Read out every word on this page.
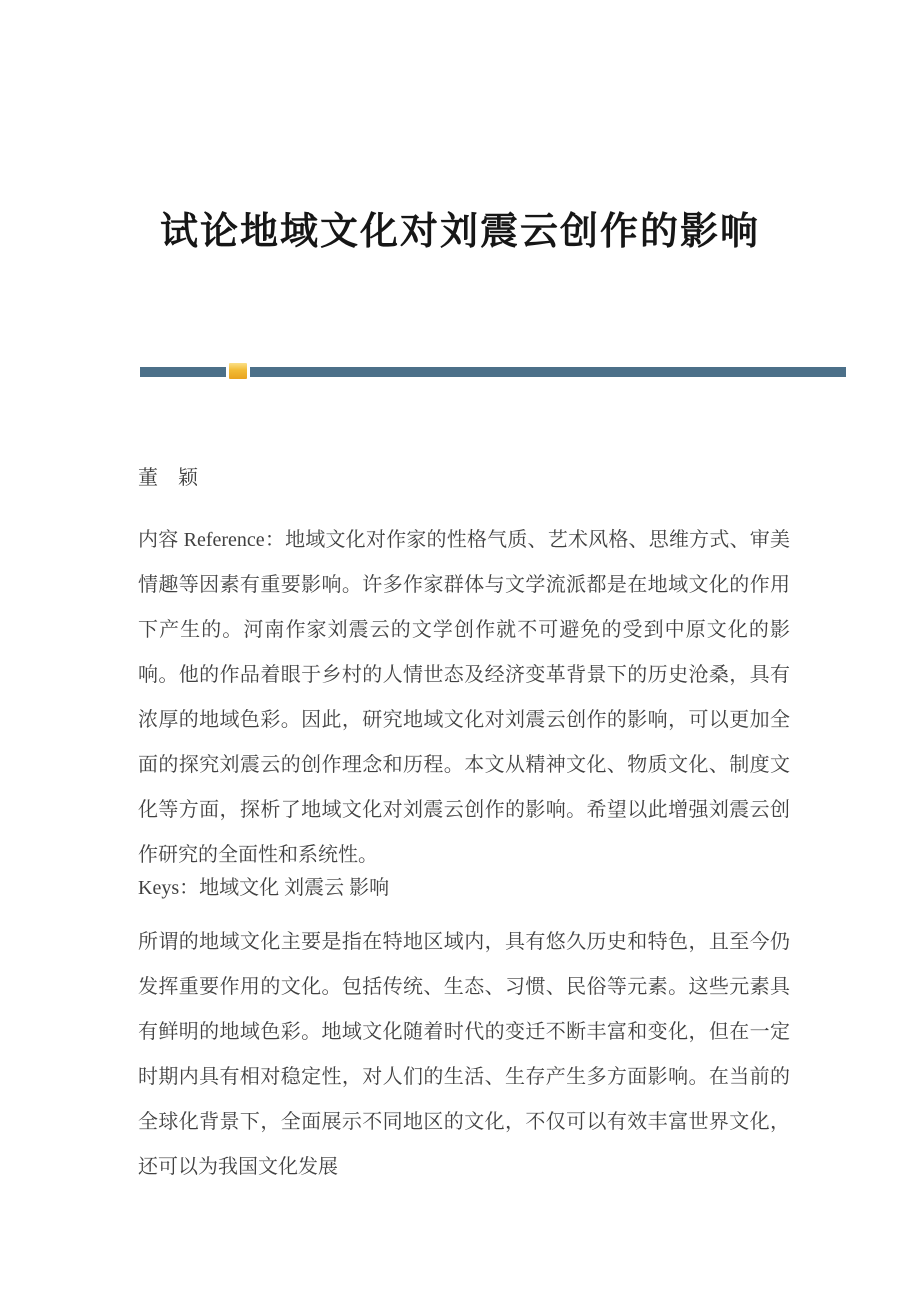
试论地域文化对刘震云创作的影响

董　颖

内容 Reference：地域文化对作家的性格气质、艺术风格、思维方式、审美情趣等因素有重要影响。许多作家群体与文学流派都是在地域文化的作用下产生的。河南作家刘震云的文学创作就不可避免的受到中原文化的影响。他的作品着眼于乡村的人情世态及经济变革背景下的历史沧桑，具有浓厚的地域色彩。因此，研究地域文化对刘震云创作的影响，可以更加全面的探究刘震云的创作理念和历程。本文从精神文化、物质文化、制度文化等方面，探析了地域文化对刘震云创作的影响。希望以此增强刘震云创作研究的全面性和系统性。

Keys：地域文化 刘震云 影响

所谓的地域文化主要是指在特地区域内，具有悠久历史和特色，且至今仍发挥重要作用的文化。包括传统、生态、习惯、民俗等元素。这些元素具有鲜明的地域色彩。地域文化随着时代的变迁不断丰富和变化，但在一定时期内具有相对稳定性，对人们的生活、生存产生多方面影响。在当前的全球化背景下，全面展示不同地区的文化，不仅可以有效丰富世界文化，还可以为我国文化发展
